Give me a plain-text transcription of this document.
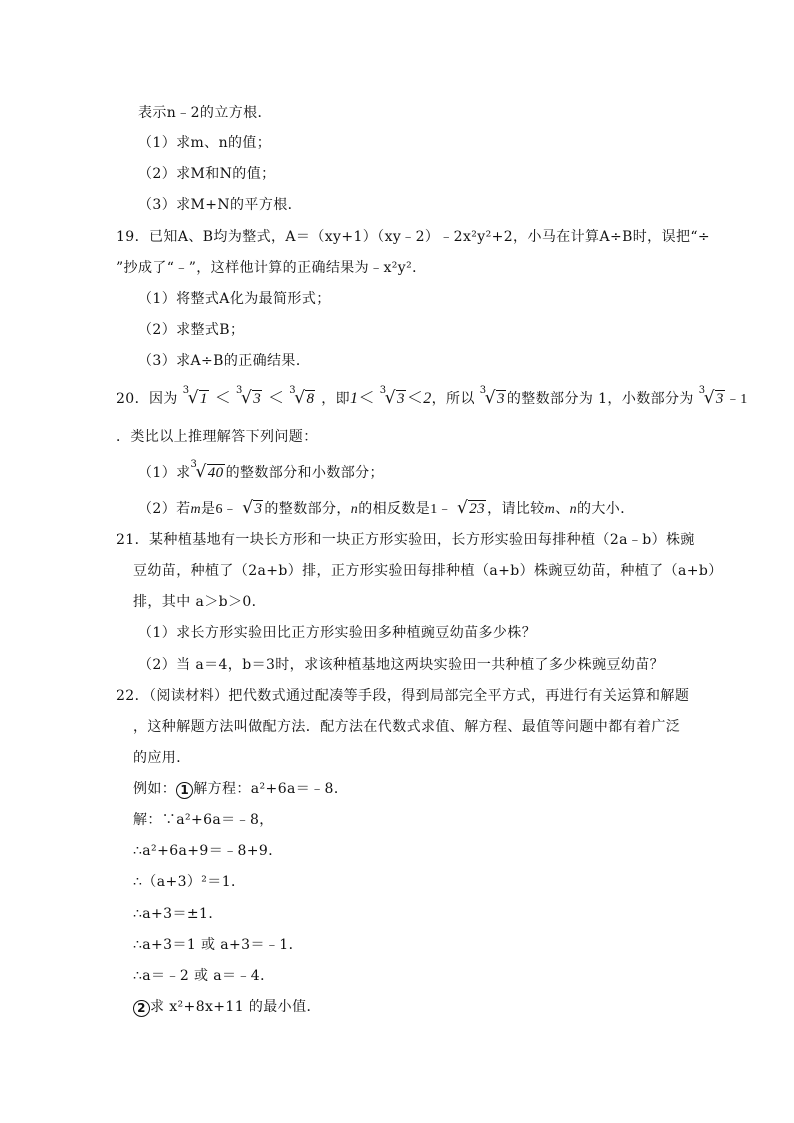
表示n﹣2的立方根．
（1）求m、n的值；
（2）求M和N的值；
（3）求M+N的平方根．
19．已知A、B均为整式，A＝（xy+1）（xy﹣2）﹣2x²y²+2，小马在计算A÷B时，误把“÷
”抄成了“﹣”，这样他计算的正确结果为﹣x²y²．
（1）将整式A化为最简形式；
（2）求整式B；
（3）求A÷B的正确结果．
20．因为
3
√1 ＜ 3
√3 ＜ 3
√8 ，即1＜ 3
√3 ＜2，所以
3
√3 的整数部分为 1，小数部分为
3
√3 ﹣1
．类比以上推理解答下列问题：
（1）求
3
√40 的整数部分和小数部分；
（2）若m是6﹣ √3 的整数部分，n的相反数是1﹣ √23 ，请比较m、n的大小．
21．某种植基地有一块长方形和一块正方形实验田，长方形实验田每排种植（2a﹣b）株豌
豆幼苗，种植了（2a+b）排，正方形实验田每排种植（a+b）株豌豆幼苗，种植了（a+b）
排，其中 a＞b＞0．
（1）求长方形实验田比正方形实验田多种植豌豆幼苗多少株？
（2）当 a＝4，b＝3时，求该种植基地这两块实验田一共种植了多少株豌豆幼苗？
22．（阅读材料）把代数式通过配凑等手段，得到局部完全平方式，再进行有关运算和解题
，这种解题方法叫做配方法．配方法在代数式求值、解方程、最值等问题中都有着广泛
的应用．
例如： 1 解方程：a²+6a＝﹣8．
解：∵a²+6a＝﹣8，
∴a²+6a+9＝﹣8+9．
∴（a+3）²＝1．
∴a+3＝±1．
∴a+3＝1 或 a+3＝﹣1．
∴a＝﹣2 或 a＝﹣4．
2 求 x²+8x+11 的最小值．
